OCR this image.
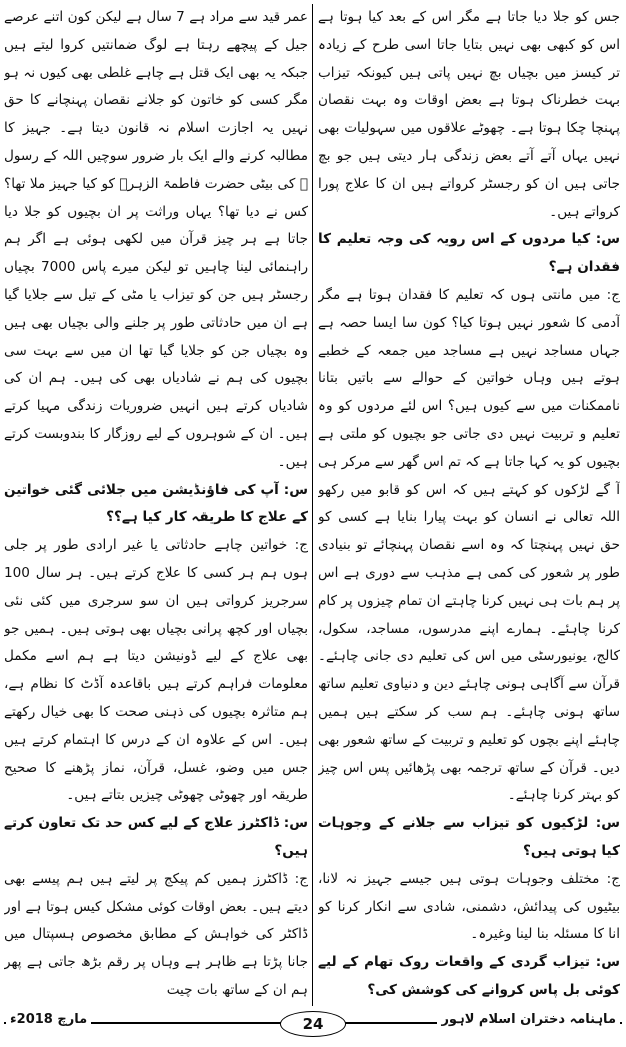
جس کو جلا دیا جاتا ہے مگر اس کے بعد کیا ہوتا ہے اس کو کبھی بھی نہیں بتایا جاتا اسی طرح کے زیادہ تر کیسز میں بچیاں بچ نہیں پاتی ہیں کیونکہ تیزاب بہت خطرناک ہوتا ہے بعض اوقات وہ بہت نقصان پہنچا چکا ہوتا ہے۔ چھوٹے علاقوں میں سہولیات بھی نہیں یہاں آتے آتے بعض زندگی ہار دیتی ہیں جو بچ جاتی ہیں ان کو رجسٹر کرواتے ہیں ان کا علاج پورا کرواتے ہیں۔

س: کیا مردوں کے اس رویہ کی وجہ تعلیم کا فقدان ہے؟

ج: میں مانتی ہوں کہ تعلیم کا فقدان ہوتا ہے مگر آدمی کا شعور نہیں ہوتا کیا؟ کون سا ایسا حصہ ہے جہاں مساجد نہیں ہے مساجد میں جمعہ کے خطبے ہوتے ہیں وہاں خواتین کے حوالے سے باتیں بتانا ناممکنات میں سے کیوں ہیں؟ اس لئے مردوں کو وہ تعلیم و تربیت نہیں دی جاتی جو بچیوں کو ملتی ہے بچیوں کو یہ کہا جاتا ہے کہ تم اس گھر سے مرکر ہی آ گے لڑکوں کو کہتے ہیں کہ اس کو قابو میں رکھو اللہ تعالی نے انسان کو بہت پیارا بنایا ہے کسی کو حق نہیں پہنچتا کہ وہ اسے نقصان پہنچائے تو بنیادی طور پر شعور کی کمی ہے مذہب سے دوری ہے اس پر ہم بات ہی نہیں کرنا چاہتے ان تمام چیزوں پر کام کرنا چاہئے۔ ہمارے اپنے مدرسوں، مساجد، سکول، کالج، یونیورسٹی میں اس کی تعلیم دی جانی چاہئے۔ قرآن سے آگاہی ہونی چاہئے دین و دنیاوی تعلیم ساتھ ساتھ ہونی چاہئے۔ ہم سب کر سکتے ہیں ہمیں چاہئے اپنے بچوں کو تعلیم و تربیت کے ساتھ شعور بھی دیں۔ قرآن کے ساتھ ترجمہ بھی پڑھائیں پس اس چیز کو بہتر کرنا چاہئے۔

س: لڑکیوں کو تیزاب سے جلانے کے وجوہات کیا ہوتی ہیں؟

ج: مختلف وجوہات ہوتی ہیں جیسے جہیز نہ لانا، بیٹیوں کی پیدائش، دشمنی، شادی سے انکار کرنا کو انا کا مسئلہ بنا لینا وغیرہ۔

س: تیزاب گردی کے واقعات روک تھام کے لیے کوئی بل پاس کروانے کی کوشش کی؟

عمر قید سے مراد ہے 7 سال ہے لیکن کون اتنے عرصے جیل کے پیچھے رہتا ہے لوگ ضمانتیں کروا لیتے ہیں جبکہ یہ بھی ایک قتل ہے چاہے غلطی بھی کیوں نہ ہو مگر کسی کو خاتون کو جلانے نقصان پہنچانے کا حق نہیں یہ اجازت اسلام نہ قانون دیتا ہے۔ جہیز کا مطالبہ کرنے والے ایک بار ضرور سوچیں اللہ کے رسول ﷺ کی بیٹی حضرت فاطمۃ الزہرؓ کو کیا جہیز ملا تھا؟ کس نے دیا تھا؟ یہاں وراثت پر ان بچیوں کو جلا دیا جاتا ہے ہر چیز قرآن میں لکھی ہوئی ہے اگر ہم راہنمائی لینا چاہیں تو لیکن میرے پاس 7000 بچیاں رجسٹر ہیں جن کو تیزاب یا مٹی کے تیل سے جلایا گیا ہے ان میں حادثاتی طور پر جلنے والی بچیاں بھی ہیں وہ بچیاں جن کو جلایا گیا تھا ان میں سے بہت سی بچیوں کی ہم نے شادیاں بھی کی ہیں۔ ہم ان کی شادیاں کرتے ہیں انہیں ضروریات زندگی مہیا کرتے ہیں۔ ان کے شوہروں کے لیے روزگار کا بندوبست کرتے ہیں۔

س: آپ کی فاؤنڈیشن میں جلائی گئی خواتین کے علاج کا طریقہ کار کیا ہے؟؟

ج: خواتین چاہے حادثاتی یا غیر ارادی طور پر جلی ہوں ہم ہر کسی کا علاج کرتے ہیں۔ ہر سال 100 سرجریز کرواتی ہیں ان سو سرجری میں کئی نئی بچیاں اور کچھ پرانی بچیاں بھی ہوتی ہیں۔ ہمیں جو بھی علاج کے لیے ڈونیشن دیتا ہے ہم اسے مکمل معلومات فراہم کرتے ہیں باقاعدہ آڈٹ کا نظام ہے، ہم متاثرہ بچیوں کی ذہنی صحت کا بھی خیال رکھتے ہیں۔ اس کے علاوہ ان کے درس کا اہتمام کرتے ہیں جس میں وضو، غسل، قرآن، نماز پڑھنے کا صحیح طریقہ اور چھوٹی چھوٹی چیزیں بتاتے ہیں۔

س: ڈاکٹرز علاج کے لیے کس حد تک تعاون کرتے ہیں؟

ج: ڈاکٹرز ہمیں کم پیکج پر لیتے ہیں ہم پیسے بھی دیتے ہیں۔ بعض اوقات کوئی مشکل کیس ہوتا ہے اور ڈاکٹر کی خواہش کے مطابق مخصوص ہسپتال میں جانا پڑتا ہے ظاہر ہے وہاں پر رقم بڑھ جاتی ہے پھر ہم ان کے ساتھ بات چیت

ماہنامہ دختران اسلام لاہور
24
مارچ 2018ء
